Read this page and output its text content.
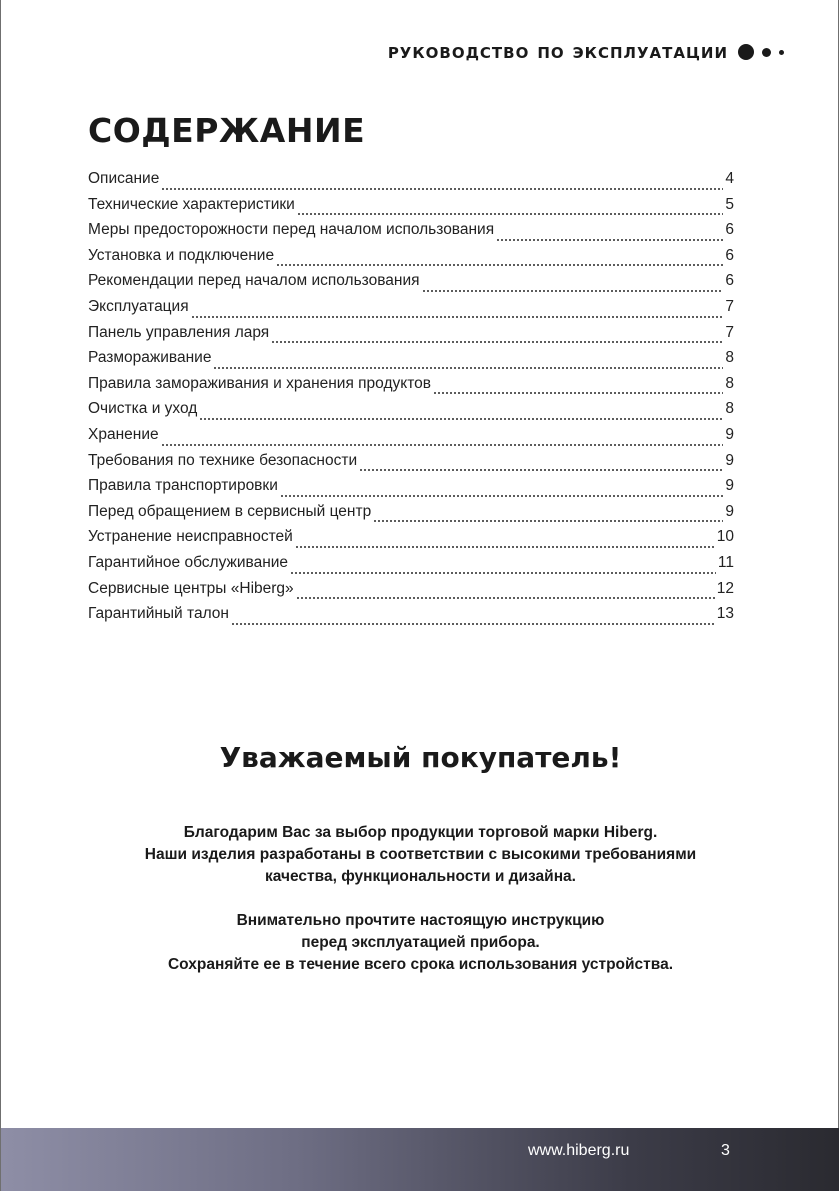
РУКОВОДСТВО ПО ЭКСПЛУАТАЦИИ
СОДЕРЖАНИЕ
Описание	4
Технические характеристики	5
Меры предосторожности перед началом использования	6
Установка и подключение	6
Рекомендации перед началом использования	6
Эксплуатация	7
Панель управления ларя	7
Размораживание	8
Правила замораживания и хранения продуктов	8
Очистка и уход	8
Хранение	9
Требования по технике безопасности	9
Правила транспортировки	9
Перед обращением в сервисный центр	9
Устранение неисправностей	10
Гарантийное обслуживание	11
Сервисные центры «Hiberg»	12
Гарантийный талон	13
Уважаемый покупатель!

Благодарим Вас за выбор продукции торговой марки Hiberg.
Наши изделия разработаны в соответствии с высокими требованиями
качества, функциональности и дизайна.

Внимательно прочтите настоящую инструкцию
перед эксплуатацией прибора.
Сохраняйте ее в течение всего срока использования устройства.

www.hiberg.ru	3
